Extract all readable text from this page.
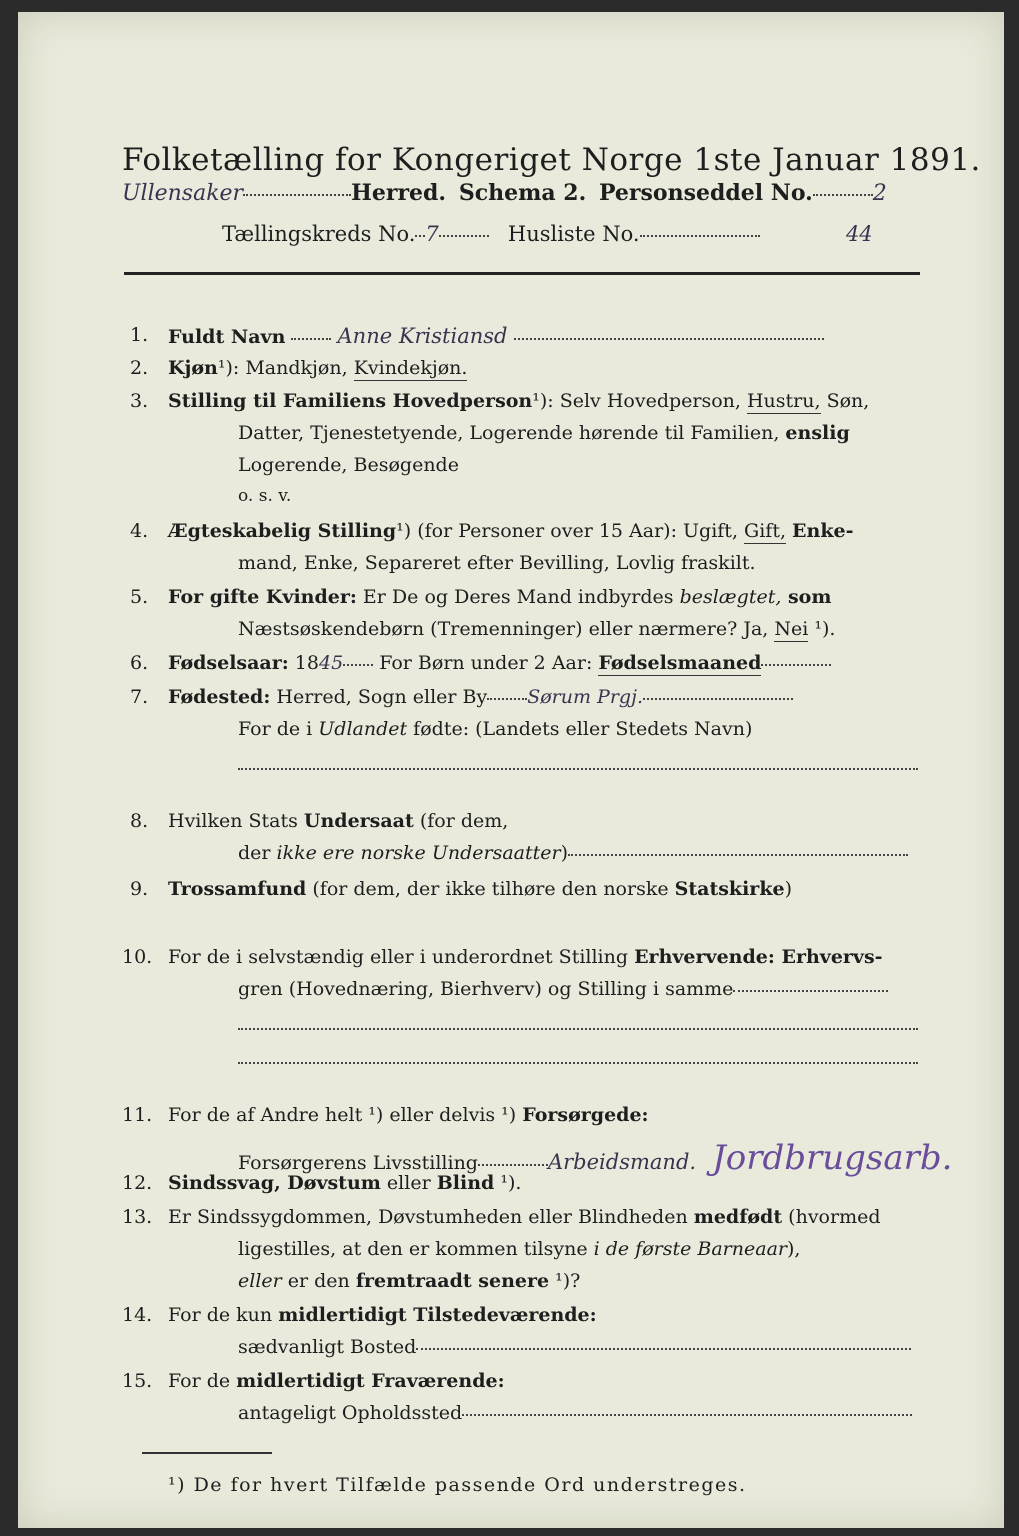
Folketælling for Kongeriget Norge 1ste Januar 1891.
Ullensaker	Herred. Schema 2. Personseddel No.	2
Tællingskreds No. 7	Husliste No.	44
1. Fuldt Navn Anne Kristiansd
2. Kjøn¹): Mandkjøn, Kvindekjøn.
3. Stilling til Familiens Hovedperson¹): Selv Hovedperson, Hustru, Søn,
Datter, Tjenestetyende, Logerende hørende til Familien, enslig
Logerende, Besøgende
o. s. v.
4. Ægteskabelig Stilling¹) (for Personer over 15 Aar): Ugift, Gift, Enke-
mand, Enke, Separeret efter Bevilling, Lovlig fraskilt.
5. For gifte Kvinder: Er De og Deres Mand indbyrdes beslægtet, som
Næstsøskendebørn (Tremenninger) eller nærmere? Ja, Nei ¹).
6. Fødselsaar: 1845 For Børn under 2 Aar: Fødselsmaaned
7. Fødested: Herred, Sogn eller By Sørum Prgj.
For de i Udlandet fødte: (Landets eller Stedets Navn)
8. Hvilken Stats Undersaat (for dem,
der ikke ere norske Undersaatter)
9. Trossamfund (for dem, der ikke tilhøre den norske Statskirke)
10. For de i selvstændig eller i underordnet Stilling Erhvervende: Erhvervs-
gren (Hovednæring, Bierhverv) og Stilling i samme
11. For de af Andre helt ¹) eller delvis ¹) Forsørgede:
Forsørgerens Livsstilling	Arbeidsmand. Jordbrugsarb.
12. Sindssvag, Døvstum eller Blind ¹).
13. Er Sindssygdommen, Døvstumheden eller Blindheden medfødt (hvormed
ligestilles, at den er kommen tilsyne i de første Barneaar),
eller er den fremtraadt senere ¹)?
14. For de kun midlertidigt Tilstedeværende:
sædvanligt Bosted
15. For de midlertidigt Fraværende:
antageligt Opholdssted
¹) De for hvert Tilfælde passende Ord understreges.
